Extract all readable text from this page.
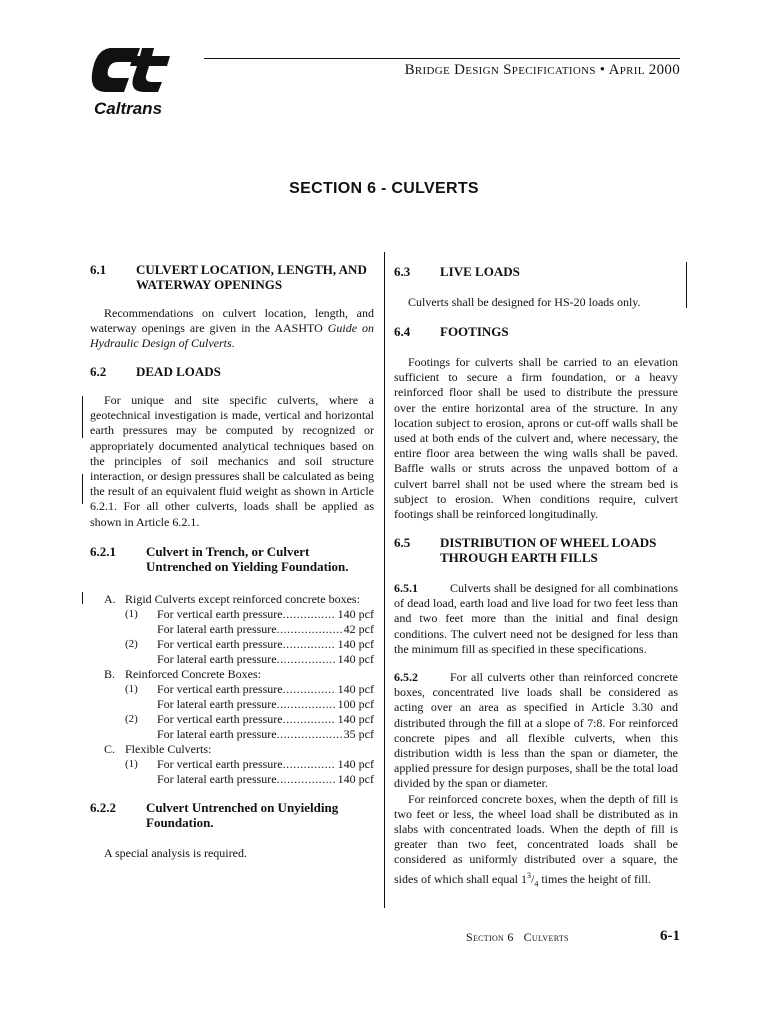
Caltrans
Bridge Design Specifications • April 2000
SECTION 6 - CULVERTS
6.1	CULVERT LOCATION, LENGTH, AND WATERWAY OPENINGS

Recommendations on culvert location, length, and waterway openings are given in the AASHTO Guide on Hydraulic Design of Culverts.

6.2	DEAD LOADS

For unique and site specific culverts, where a geotechnical investigation is made, vertical and horizontal earth pressures may be computed by recognized or appropriately documented analytical techniques based on the principles of soil mechanics and soil structure interaction, or design pressures shall be calculated as being the result of an equivalent fluid weight as shown in Article 6.2.1. For all other culverts, loads shall be applied as shown in Article 6.2.1.

6.2.1	Culvert in Trench, or Culvert Untrenched on Yielding Foundation.
A. Rigid Culverts except reinforced concrete boxes:
(1)	For vertical earth pressure .....	140 pcf
For lateral earth pressure .....	42 pcf
(2)	For vertical earth pressure .....	140 pcf
For lateral earth pressure .....	140 pcf
B. Reinforced Concrete Boxes:
(1)	For vertical earth pressure .....	140 pcf
For lateral earth pressure .....	100 pcf
(2)	For vertical earth pressure .....	140 pcf
For lateral earth pressure .....	35 pcf
C. Flexible Culverts:
(1)	For vertical earth pressure .....	140 pcf
For lateral earth pressure .....	140 pcf
6.2.2	Culvert Untrenched on Unyielding Foundation.

A special analysis is required.

6.3	LIVE LOADS

Culverts shall be designed for HS-20 loads only.

6.4	FOOTINGS

Footings for culverts shall be carried to an elevation sufficient to secure a firm foundation, or a heavy reinforced floor shall be used to distribute the pressure over the entire horizontal area of the structure. In any location subject to erosion, aprons or cut-off walls shall be used at both ends of the culvert and, where necessary, the entire floor area between the wing walls shall be paved. Baffle walls or struts across the unpaved bottom of a culvert barrel shall not be used where the stream bed is subject to erosion. When conditions require, culvert footings shall be reinforced longitudinally.

6.5	DISTRIBUTION OF WHEEL LOADS THROUGH EARTH FILLS

6.5.1	Culverts shall be designed for all combinations of dead load, earth load and live load for two feet less than and two feet more than the initial and final design conditions. The culvert need not be designed for less than the minimum fill as specified in these specifications.

6.5.2	For all culverts other than reinforced concrete boxes, concentrated live loads shall be considered as acting over an area as specified in Article 3.30 and distributed through the fill at a slope of 7:8. For reinforced concrete pipes and all flexible culverts, when this distribution width is less than the span or diameter, the applied pressure for design purposes, shall be the total load divided by the span or diameter.

For reinforced concrete boxes, when the depth of fill is two feet or less, the wheel load shall be distributed as in slabs with concentrated loads. When the depth of fill is greater than two feet, concentrated loads shall be considered as uniformly distributed over a square, the sides of which shall equal $1^3/_4$ times the height of fill.

Section 6   Culverts	6-1
